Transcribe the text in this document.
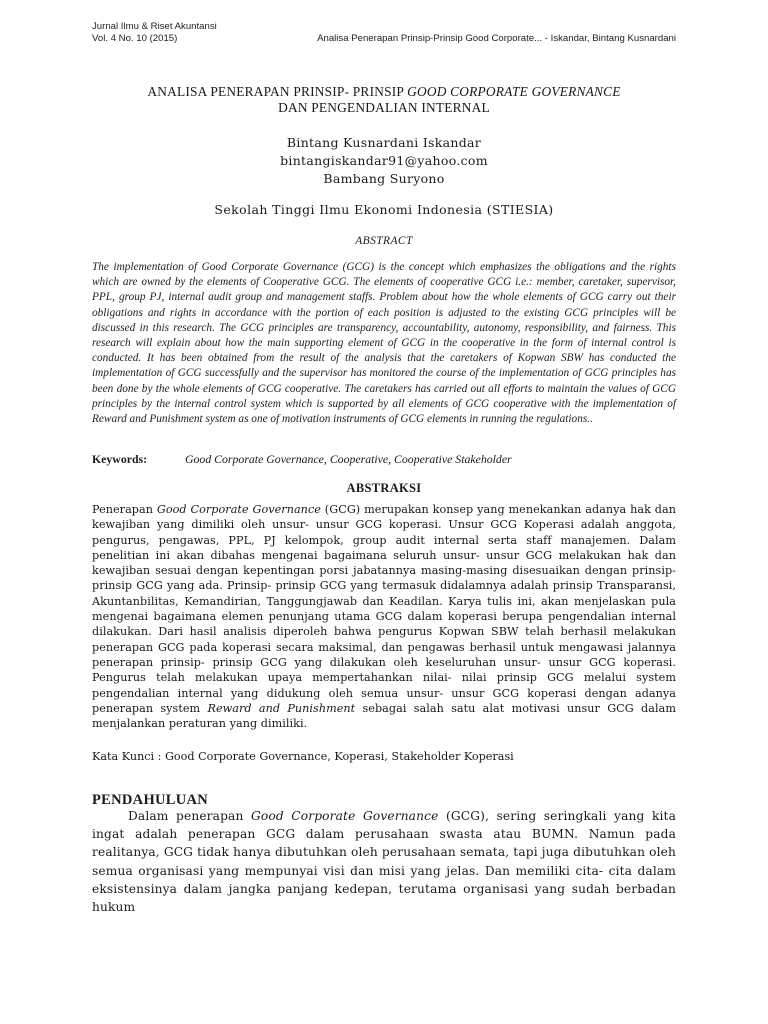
Jurnal Ilmu & Riset Akuntansi
Vol. 4 No. 10 (2015)	Analisa Penerapan Prinsip-Prinsip Good Corporate... - Iskandar, Bintang Kusnardani
ANALISA PENERAPAN PRINSIP- PRINSIP GOOD CORPORATE GOVERNANCE
DAN PENGENDALIAN INTERNAL
Bintang Kusnardani Iskandar
bintangiskandar91@yahoo.com
Bambang Suryono
Sekolah Tinggi Ilmu Ekonomi Indonesia (STIESIA)
ABSTRACT
The implementation of Good Corporate Governance (GCG) is the concept which emphasizes the obligations and the rights which are owned by the elements of Cooperative GCG. The elements of cooperative GCG i.e.: member, caretaker, supervisor, PPL, group PJ, internal audit group and management staffs. Problem about how the whole elements of GCG carry out their obligations and rights in accordance with the portion of each position is adjusted to the existing GCG principles will be discussed in this research. The GCG principles are transparency, accountability, autonomy, responsibility, and fairness. This research will explain about how the main supporting element of GCG in the cooperative in the form of internal control is conducted. It has been obtained from the result of the analysis that the caretakers of Kopwan SBW has conducted the implementation of GCG successfully and the supervisor has monitored the course of the implementation of GCG principles has been done by the whole elements of GCG cooperative. The caretakers has carried out all efforts to maintain the values of GCG principles by the internal control system which is supported by all elements of GCG cooperative with the implementation of Reward and Punishment system as one of motivation instruments of GCG elements in running the regulations..
Keywords:	Good Corporate Governance, Cooperative, Cooperative Stakeholder
ABSTRAKSI
Penerapan Good Corporate Governance (GCG) merupakan konsep yang menekankan adanya hak dan kewajiban yang dimiliki oleh unsur- unsur GCG koperasi. Unsur GCG Koperasi adalah anggota, pengurus, pengawas, PPL, PJ kelompok, group audit internal serta staff manajemen. Dalam penelitian ini akan dibahas mengenai bagaimana seluruh unsur- unsur GCG melakukan hak dan kewajiban sesuai dengan kepentingan porsi jabatannya masing-masing disesuaikan dengan prinsip- prinsip GCG yang ada. Prinsip- prinsip GCG yang termasuk didalamnya adalah prinsip Transparansi, Akuntanbilitas, Kemandirian, Tanggungjawab dan Keadilan. Karya tulis ini, akan menjelaskan pula mengenai bagaimana elemen penunjang utama GCG dalam koperasi berupa pengendalian internal dilakukan. Dari hasil analisis diperoleh bahwa pengurus Kopwan SBW telah berhasil melakukan penerapan GCG pada koperasi secara maksimal, dan pengawas berhasil untuk mengawasi jalannya penerapan prinsip- prinsip GCG yang dilakukan oleh keseluruhan unsur- unsur GCG koperasi. Pengurus telah melakukan upaya mempertahankan nilai- nilai prinsip GCG melalui system pengendalian internal yang didukung oleh semua unsur- unsur GCG koperasi dengan adanya penerapan system Reward and Punishment sebagai salah satu alat motivasi unsur GCG dalam menjalankan peraturan yang dimiliki.
Kata Kunci : Good Corporate Governance, Koperasi, Stakeholder Koperasi
PENDAHULUAN
Dalam penerapan Good Corporate Governance (GCG), sering seringkali yang kita ingat adalah penerapan GCG dalam perusahaan swasta atau BUMN. Namun pada realitanya, GCG tidak hanya dibutuhkan oleh perusahaan semata, tapi juga dibutuhkan oleh semua organisasi yang mempunyai visi dan misi yang jelas. Dan memiliki cita- cita dalam eksistensinya dalam jangka panjang kedepan, terutama organisasi yang sudah berbadan hukum
